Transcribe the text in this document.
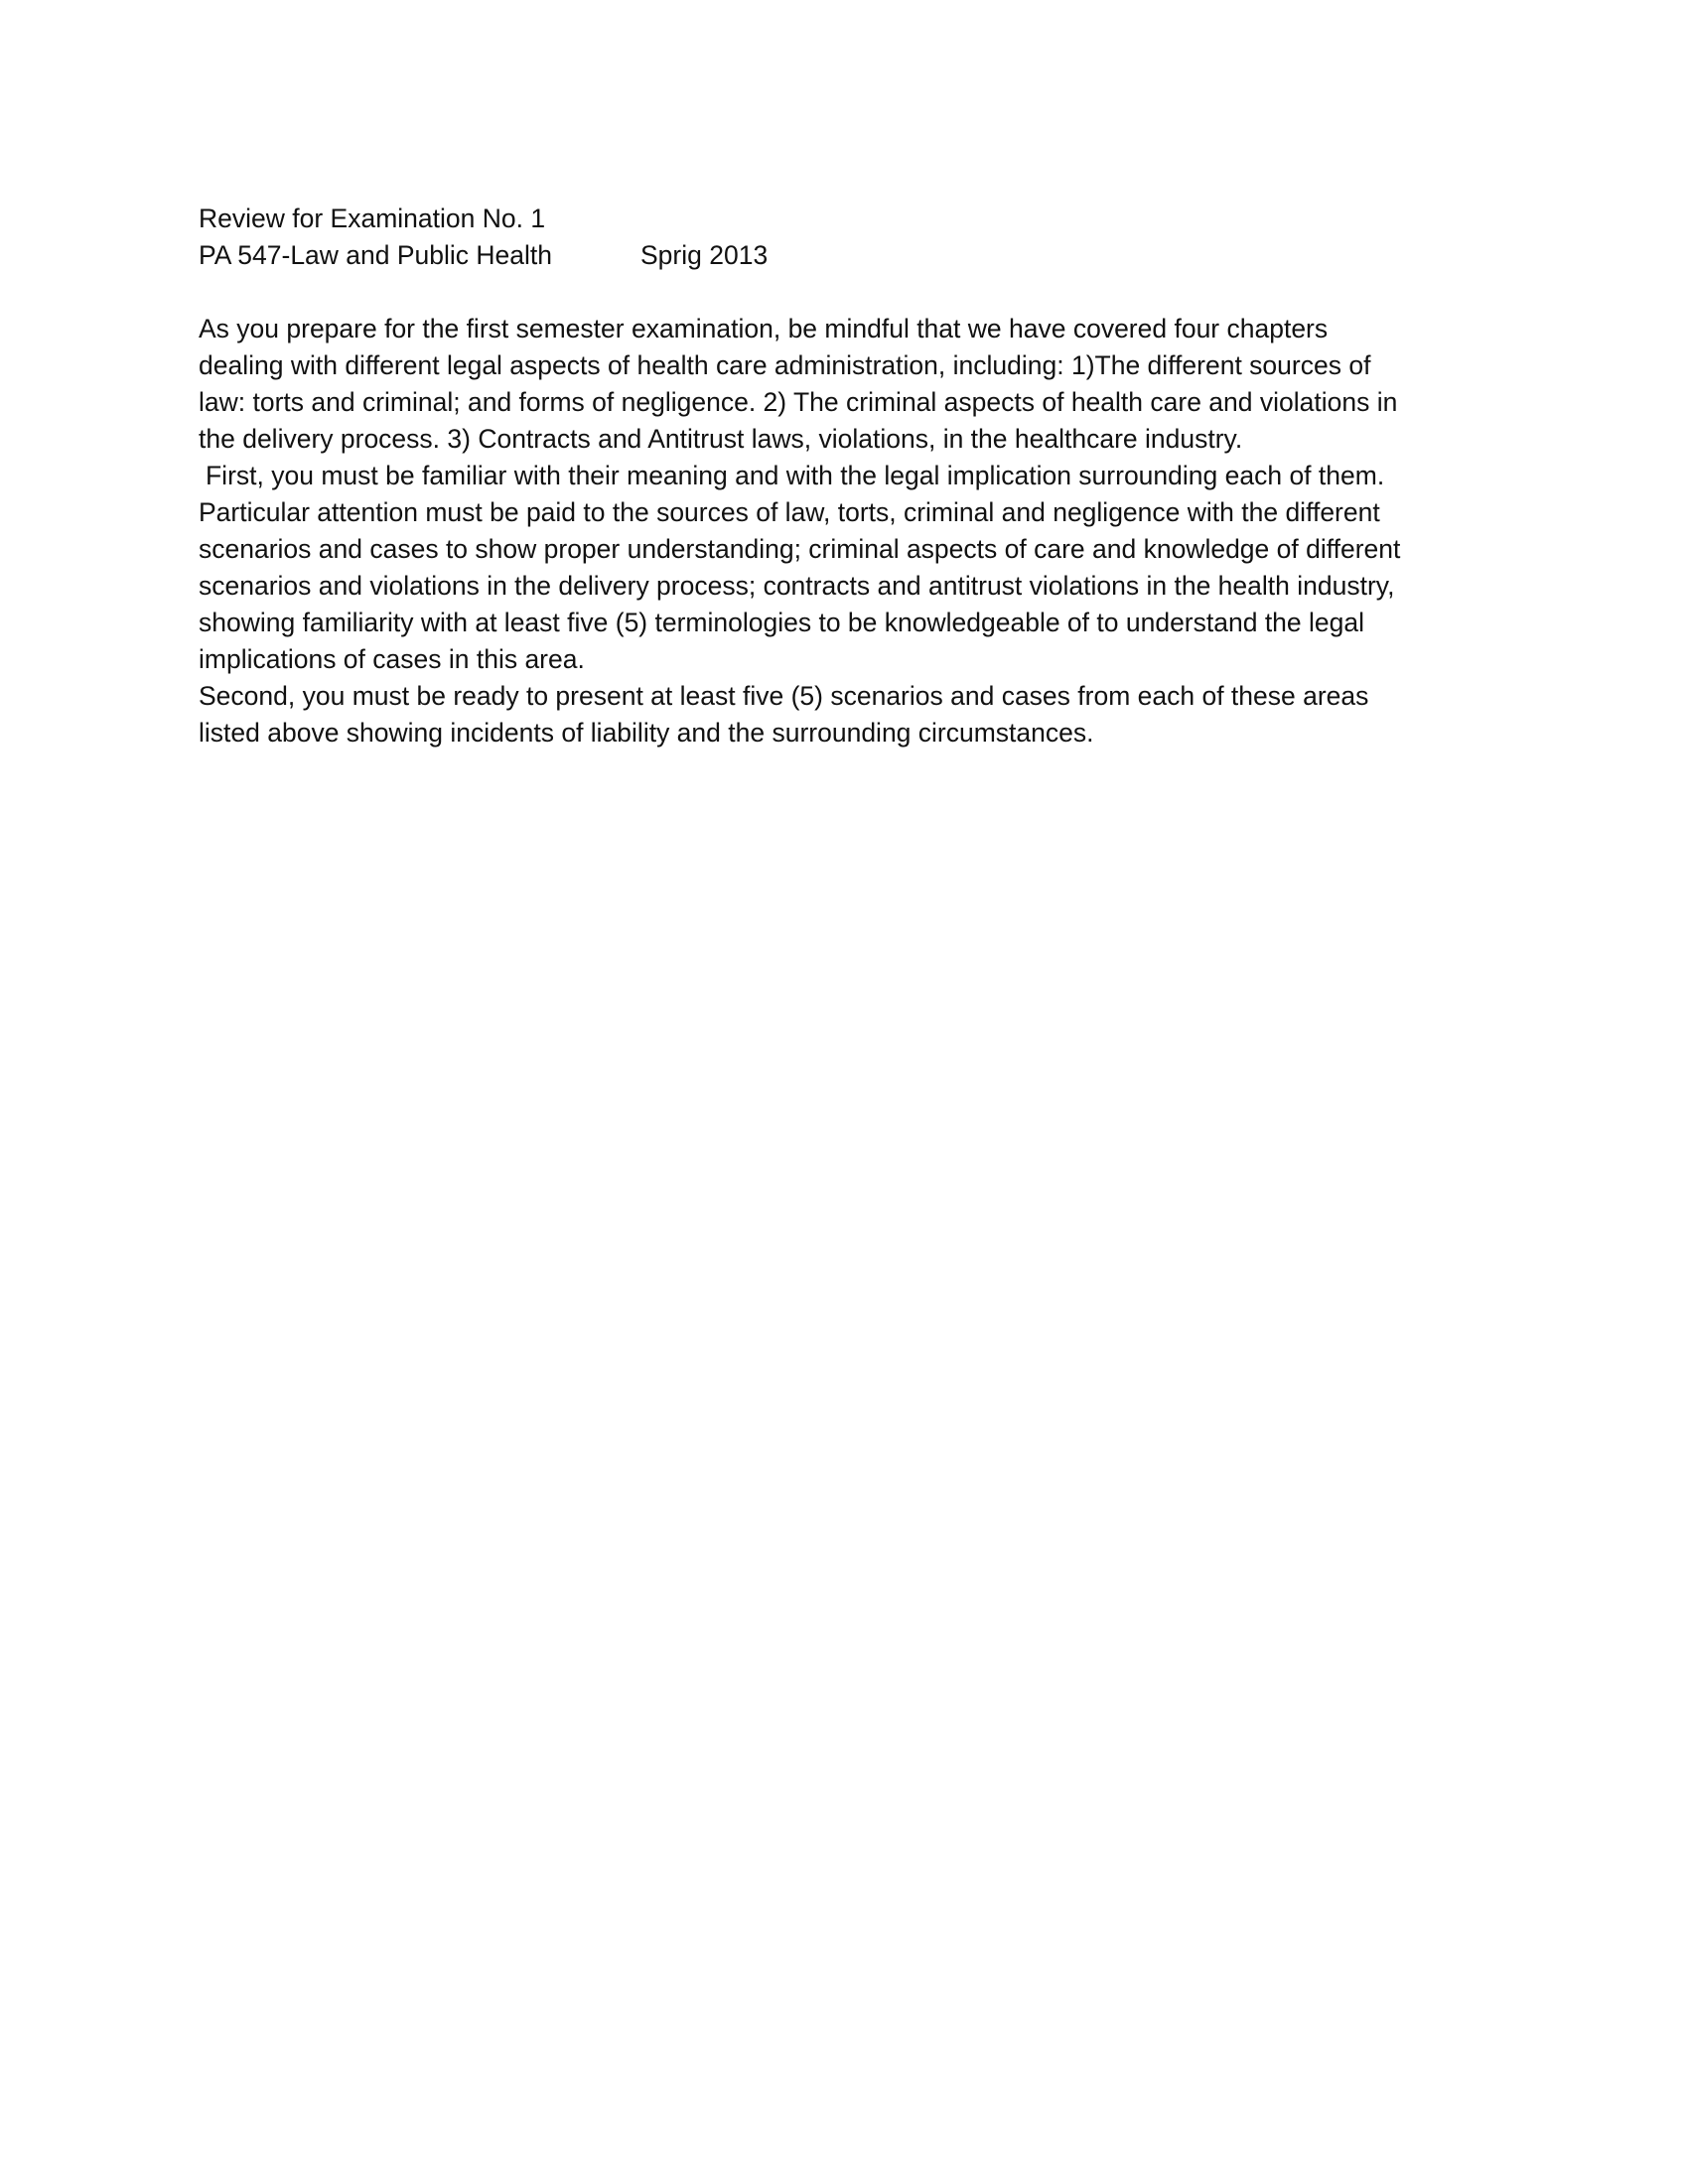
Review for Examination No. 1
PA 547-Law and Public Health	Sprig 2013
As you prepare for the first semester examination, be mindful that we have covered four chapters
dealing with different legal aspects of health care administration, including: 1)The different sources of
law: torts and criminal; and forms of negligence. 2) The criminal aspects of health care and violations in
the delivery process. 3) Contracts and Antitrust laws, violations, in the healthcare industry.
First, you must be familiar with their meaning and with the legal implication surrounding each of them.
Particular attention must be paid to the sources of law, torts, criminal and negligence with the different
scenarios and cases to show proper understanding; criminal aspects of care and knowledge of different
scenarios and violations in the delivery process; contracts and antitrust violations in the health industry,
showing familiarity with at least five (5) terminologies to be knowledgeable of to understand the legal
implications of cases in this area.
Second, you must be ready to present at least five (5) scenarios and cases from each of these areas
listed above showing incidents of liability and the surrounding circumstances.
